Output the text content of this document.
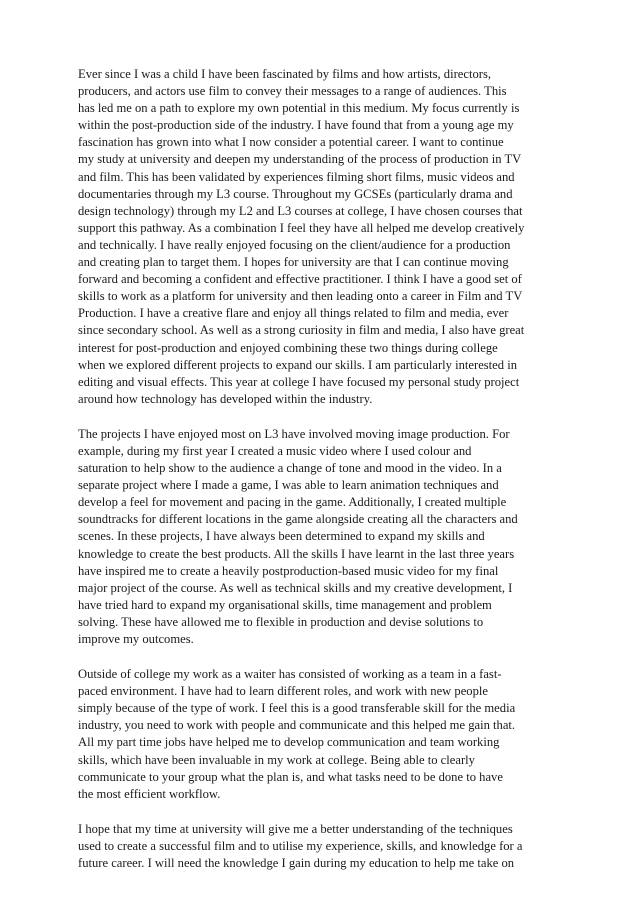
Ever since I was a child I have been fascinated by films and how artists, directors,
producers, and actors use film to convey their messages to a range of audiences. This
has led me on a path to explore my own potential in this medium. My focus currently is
within the post-production side of the industry. I have found that from a young age my
fascination has grown into what I now consider a potential career. I want to continue
my study at university and deepen my understanding of the process of production in TV
and film. This has been validated by experiences filming short films, music videos and
documentaries through my L3 course. Throughout my GCSEs (particularly drama and
design technology) through my L2 and L3 courses at college, I have chosen courses that
support this pathway. As a combination I feel they have all helped me develop creatively
and technically. I have really enjoyed focusing on the client/audience for a production
and creating plan to target them. I hopes for university are that I can continue moving
forward and becoming a confident and effective practitioner. I think I have a good set of
skills to work as a platform for university and then leading onto a career in Film and TV
Production. I have a creative flare and enjoy all things related to film and media, ever
since secondary school. As well as a strong curiosity in film and media, I also have great
interest for post-production and enjoyed combining these two things during college
when we explored different projects to expand our skills. I am particularly interested in
editing and visual effects. This year at college I have focused my personal study project
around how technology has developed within the industry.
The projects I have enjoyed most on L3 have involved moving image production. For
example, during my first year I created a music video where I used colour and
saturation to help show to the audience a change of tone and mood in the video. In a
separate project where I made a game, I was able to learn animation techniques and
develop a feel for movement and pacing in the game. Additionally, I created multiple
soundtracks for different locations in the game alongside creating all the characters and
scenes. In these projects, I have always been determined to expand my skills and
knowledge to create the best products. All the skills I have learnt in the last three years
have inspired me to create a heavily postproduction-based music video for my final
major project of the course. As well as technical skills and my creative development, I
have tried hard to expand my organisational skills, time management and problem
solving. These have allowed me to flexible in production and devise solutions to
improve my outcomes.
Outside of college my work as a waiter has consisted of working as a team in a fast-
paced environment. I have had to learn different roles, and work with new people
simply because of the type of work. I feel this is a good transferable skill for the media
industry, you need to work with people and communicate and this helped me gain that.
All my part time jobs have helped me to develop communication and team working
skills, which have been invaluable in my work at college. Being able to clearly
communicate to your group what the plan is, and what tasks need to be done to have
the most efficient workflow.
I hope that my time at university will give me a better understanding of the techniques
used to create a successful film and to utilise my experience, skills, and knowledge for a
future career. I will need the knowledge I gain during my education to help me take on
